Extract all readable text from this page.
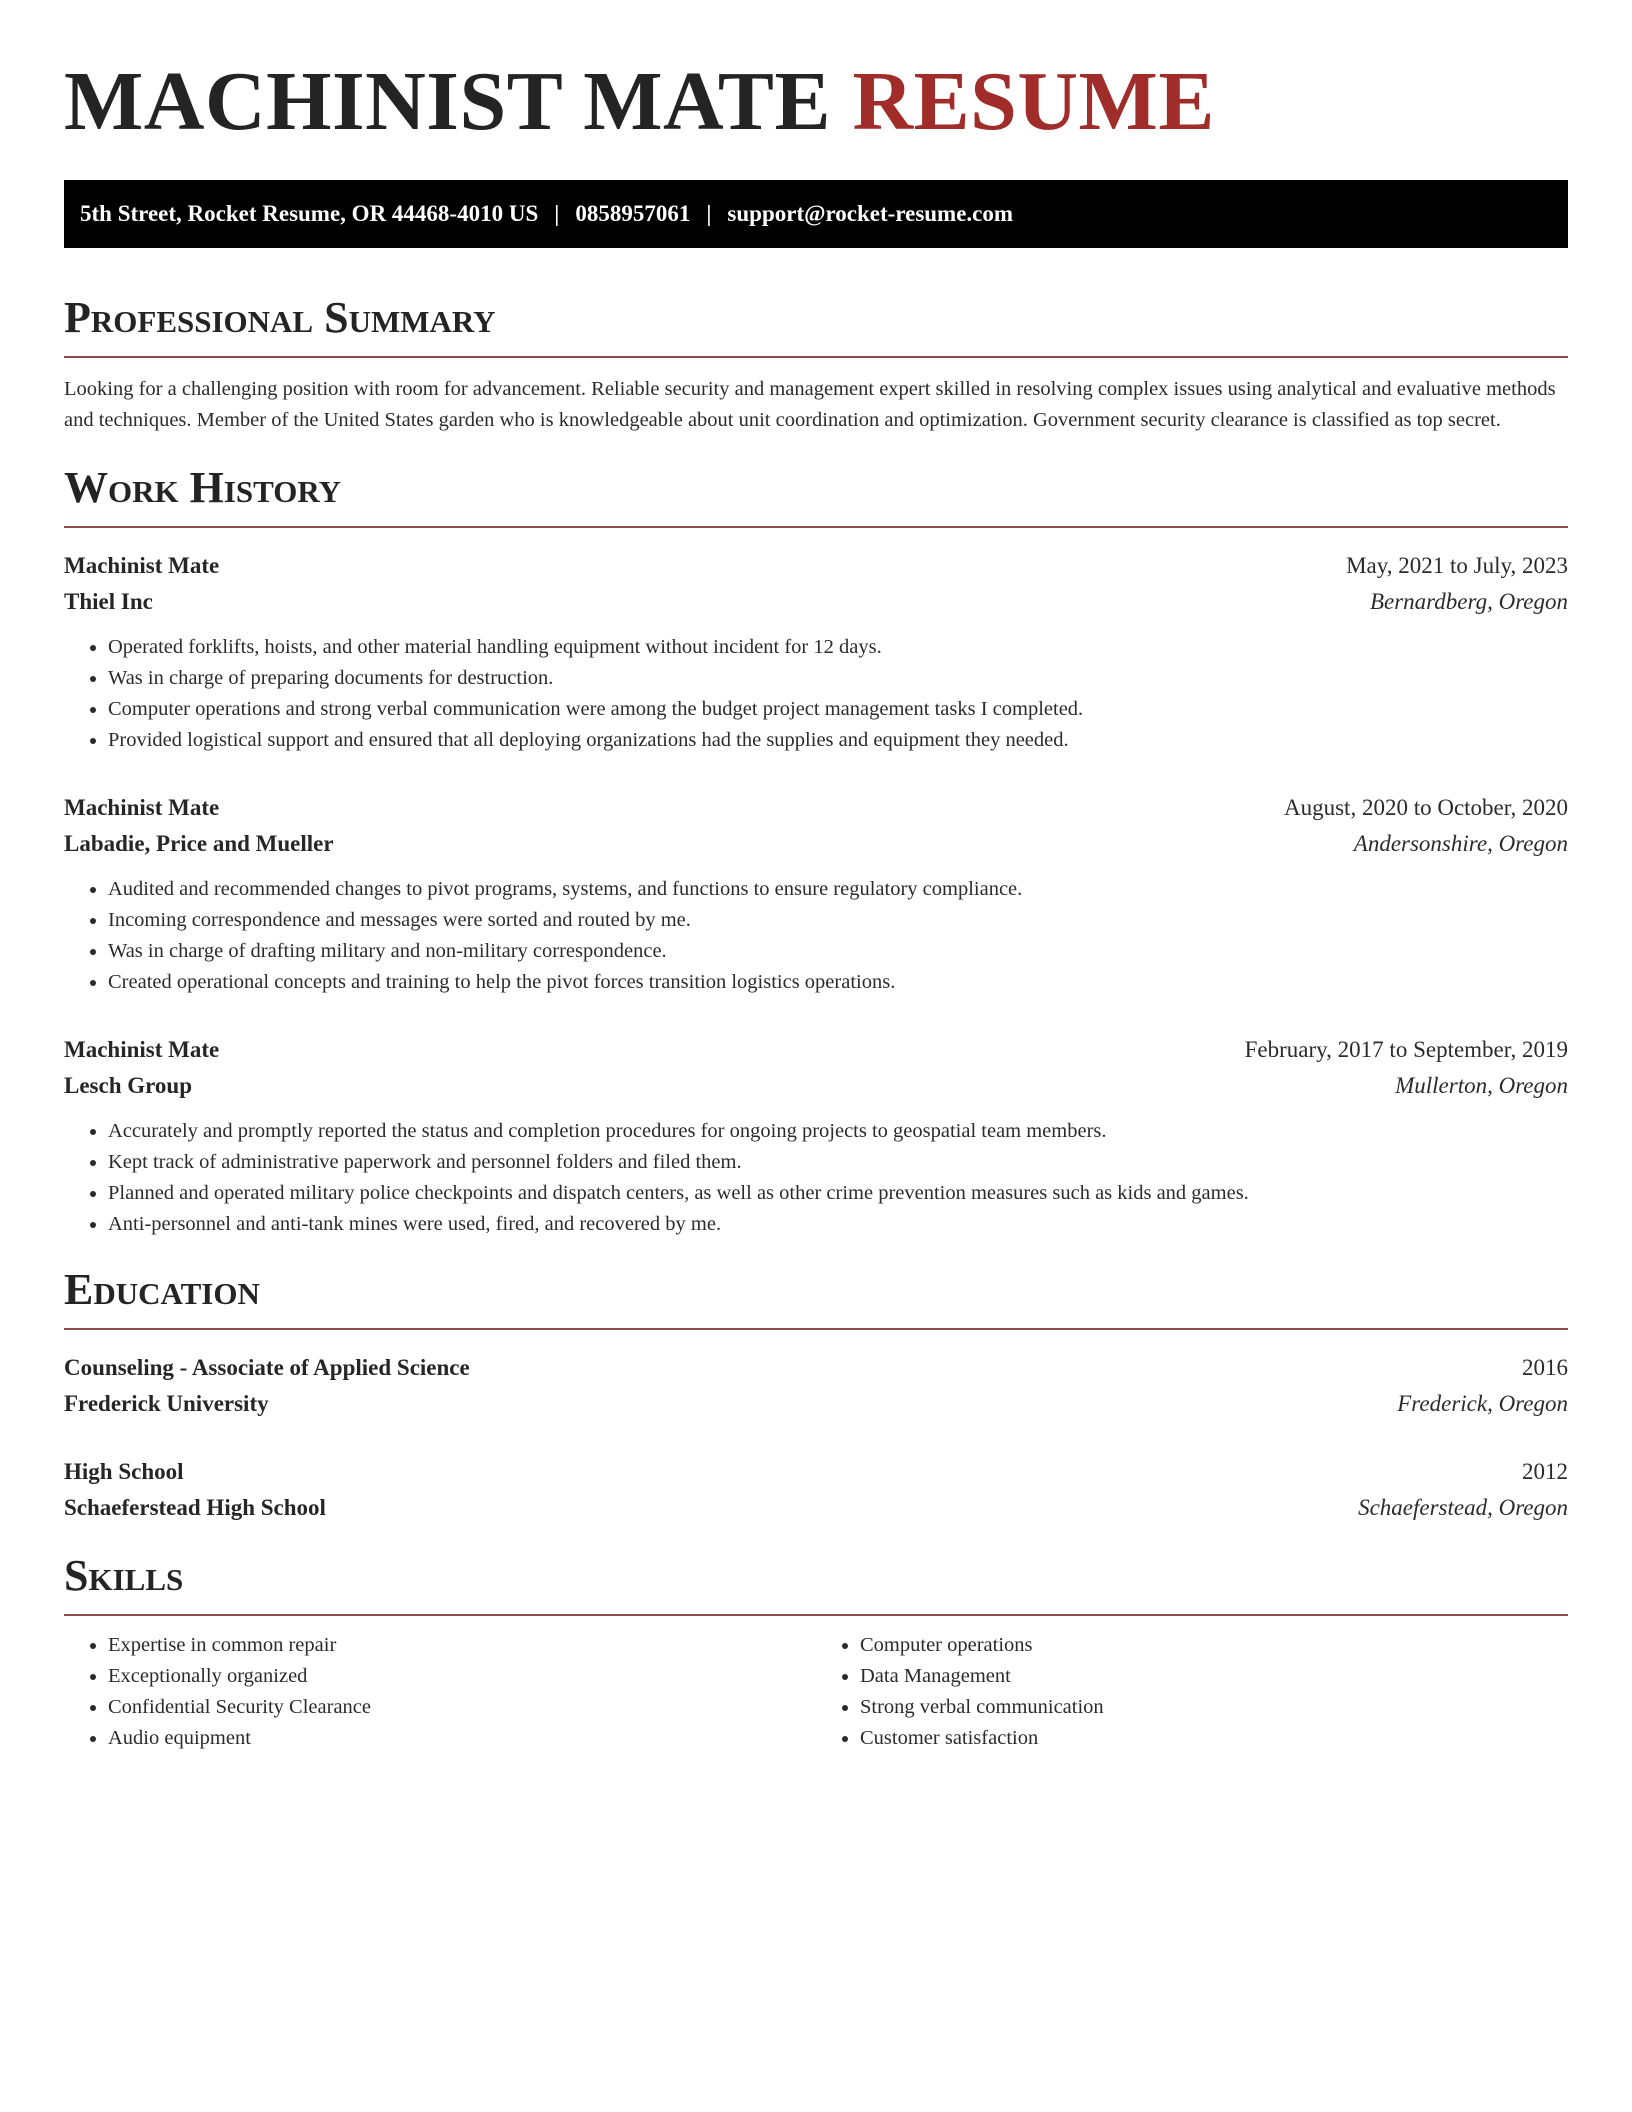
MACHINIST MATE RESUME
5th Street, Rocket Resume, OR 44468-4010 US | 0858957061 | support@rocket-resume.com
Professional Summary

Looking for a challenging position with room for advancement. Reliable security and management expert skilled in resolving complex issues using analytical and evaluative methods and techniques. Member of the United States garden who is knowledgeable about unit coordination and optimization. Government security clearance is classified as top secret.

Work History
Machinist Mate	May, 2021 to July, 2023
Thiel Inc	Bernardberg, Oregon
• Operated forklifts, hoists, and other material handling equipment without incident for 12 days.
• Was in charge of preparing documents for destruction.
• Computer operations and strong verbal communication were among the budget project management tasks I completed.
• Provided logistical support and ensured that all deploying organizations had the supplies and equipment they needed.
Machinist Mate	August, 2020 to October, 2020
Labadie, Price and Mueller	Andersonshire, Oregon
• Audited and recommended changes to pivot programs, systems, and functions to ensure regulatory compliance.
• Incoming correspondence and messages were sorted and routed by me.
• Was in charge of drafting military and non-military correspondence.
• Created operational concepts and training to help the pivot forces transition logistics operations.
Machinist Mate	February, 2017 to September, 2019
Lesch Group	Mullerton, Oregon
• Accurately and promptly reported the status and completion procedures for ongoing projects to geospatial team members.
• Kept track of administrative paperwork and personnel folders and filed them.
• Planned and operated military police checkpoints and dispatch centers, as well as other crime prevention measures such as kids and games.
• Anti-personnel and anti-tank mines were used, fired, and recovered by me.
Education
Counseling - Associate of Applied Science	2016
Frederick University	Frederick, Oregon
High School	2012
Schaeferstead High School	Schaeferstead, Oregon
Skills
• Expertise in common repair
• Exceptionally organized
• Confidential Security Clearance
• Audio equipment
• Computer operations
• Data Management
• Strong verbal communication
• Customer satisfaction
